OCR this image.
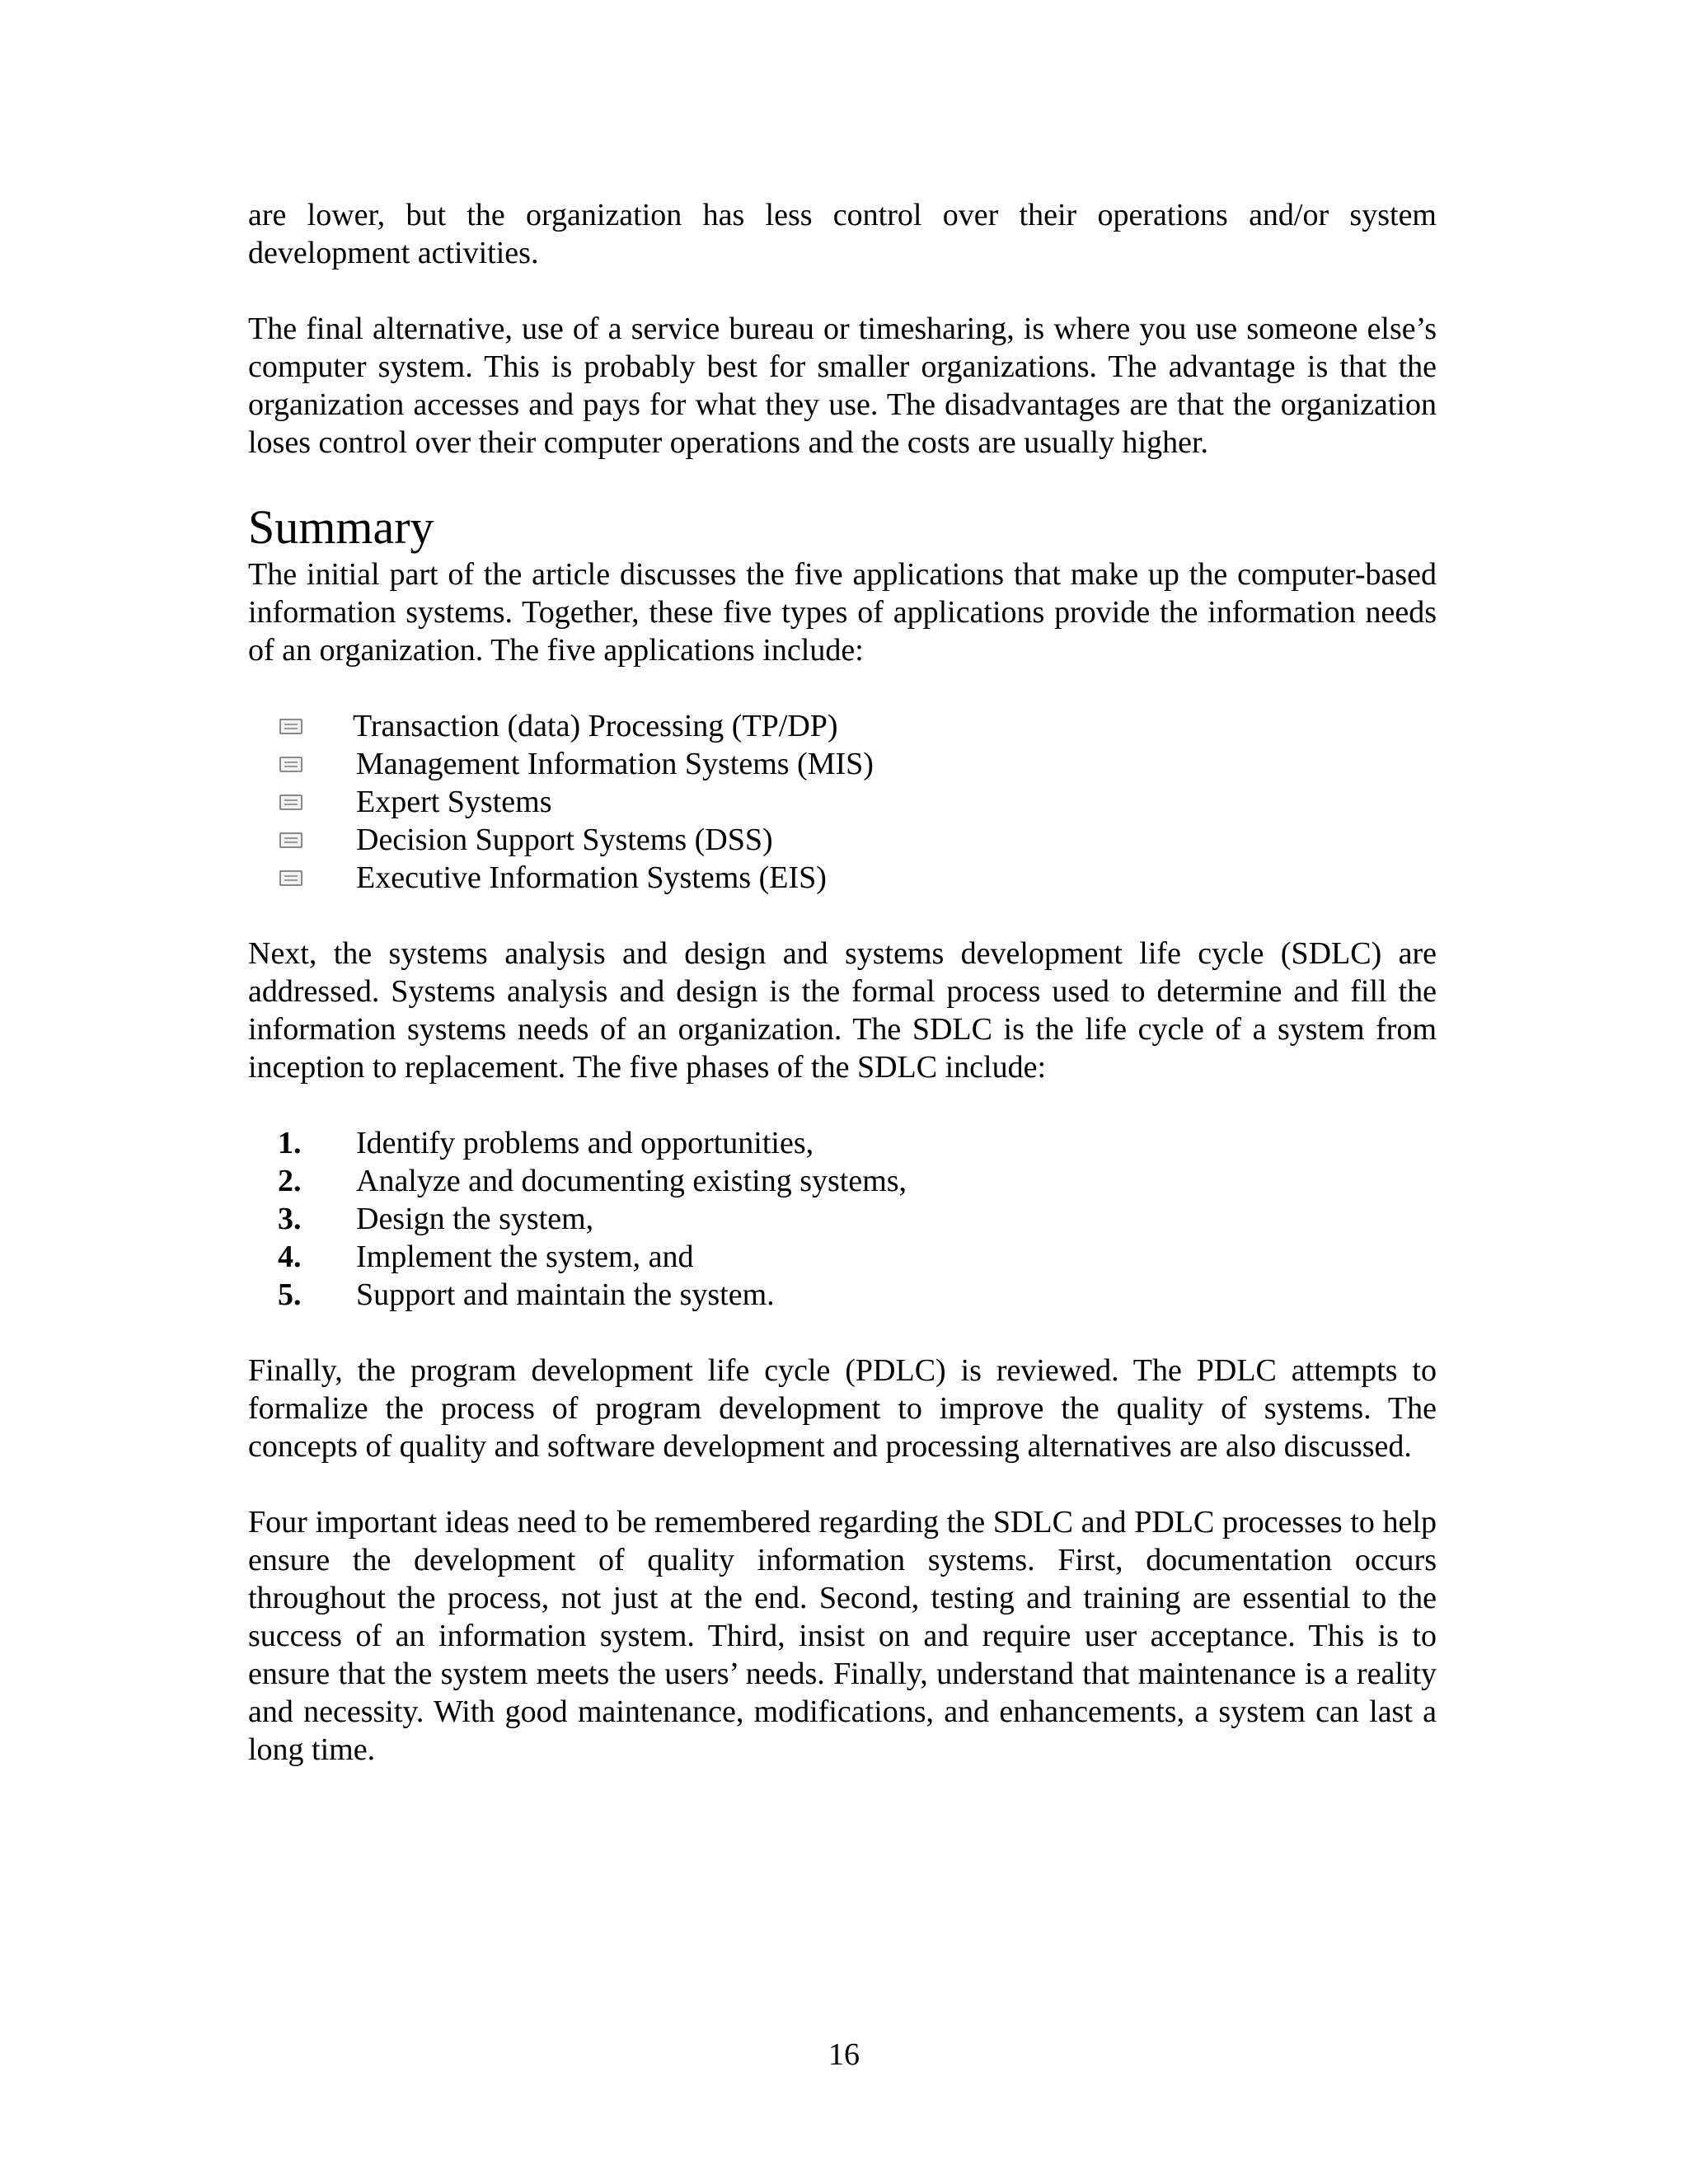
are lower, but the organization has less control over their operations and/or system development activities.

The final alternative, use of a service bureau or timesharing, is where you use someone else’s computer system. This is probably best for smaller organizations. The advantage is that the organization accesses and pays for what they use. The disadvantages are that the organization loses control over their computer operations and the costs are usually higher.

Summary

The initial part of the article discusses the five applications that make up the computer-based information systems. Together, these five types of applications provide the information needs of an organization. The five applications include:

Transaction (data) Processing (TP/DP)
Management Information Systems (MIS)
Expert Systems
Decision Support Systems (DSS)
Executive Information Systems (EIS)

Next, the systems analysis and design and systems development life cycle (SDLC) are addressed. Systems analysis and design is the formal process used to determine and fill the information systems needs of an organization. The SDLC is the life cycle of a system from inception to replacement. The five phases of the SDLC include:

1. Identify problems and opportunities,
2. Analyze and documenting existing systems,
3. Design the system,
4. Implement the system, and
5. Support and maintain the system.

Finally, the program development life cycle (PDLC) is reviewed. The PDLC attempts to formalize the process of program development to improve the quality of systems. The concepts of quality and software development and processing alternatives are also discussed.

Four important ideas need to be remembered regarding the SDLC and PDLC processes to help ensure the development of quality information systems. First, documentation occurs throughout the process, not just at the end. Second, testing and training are essential to the success of an information system. Third, insist on and require user acceptance. This is to ensure that the system meets the users’ needs. Finally, understand that maintenance is a reality and necessity. With good maintenance, modifications, and enhancements, a system can last a long time.

16
